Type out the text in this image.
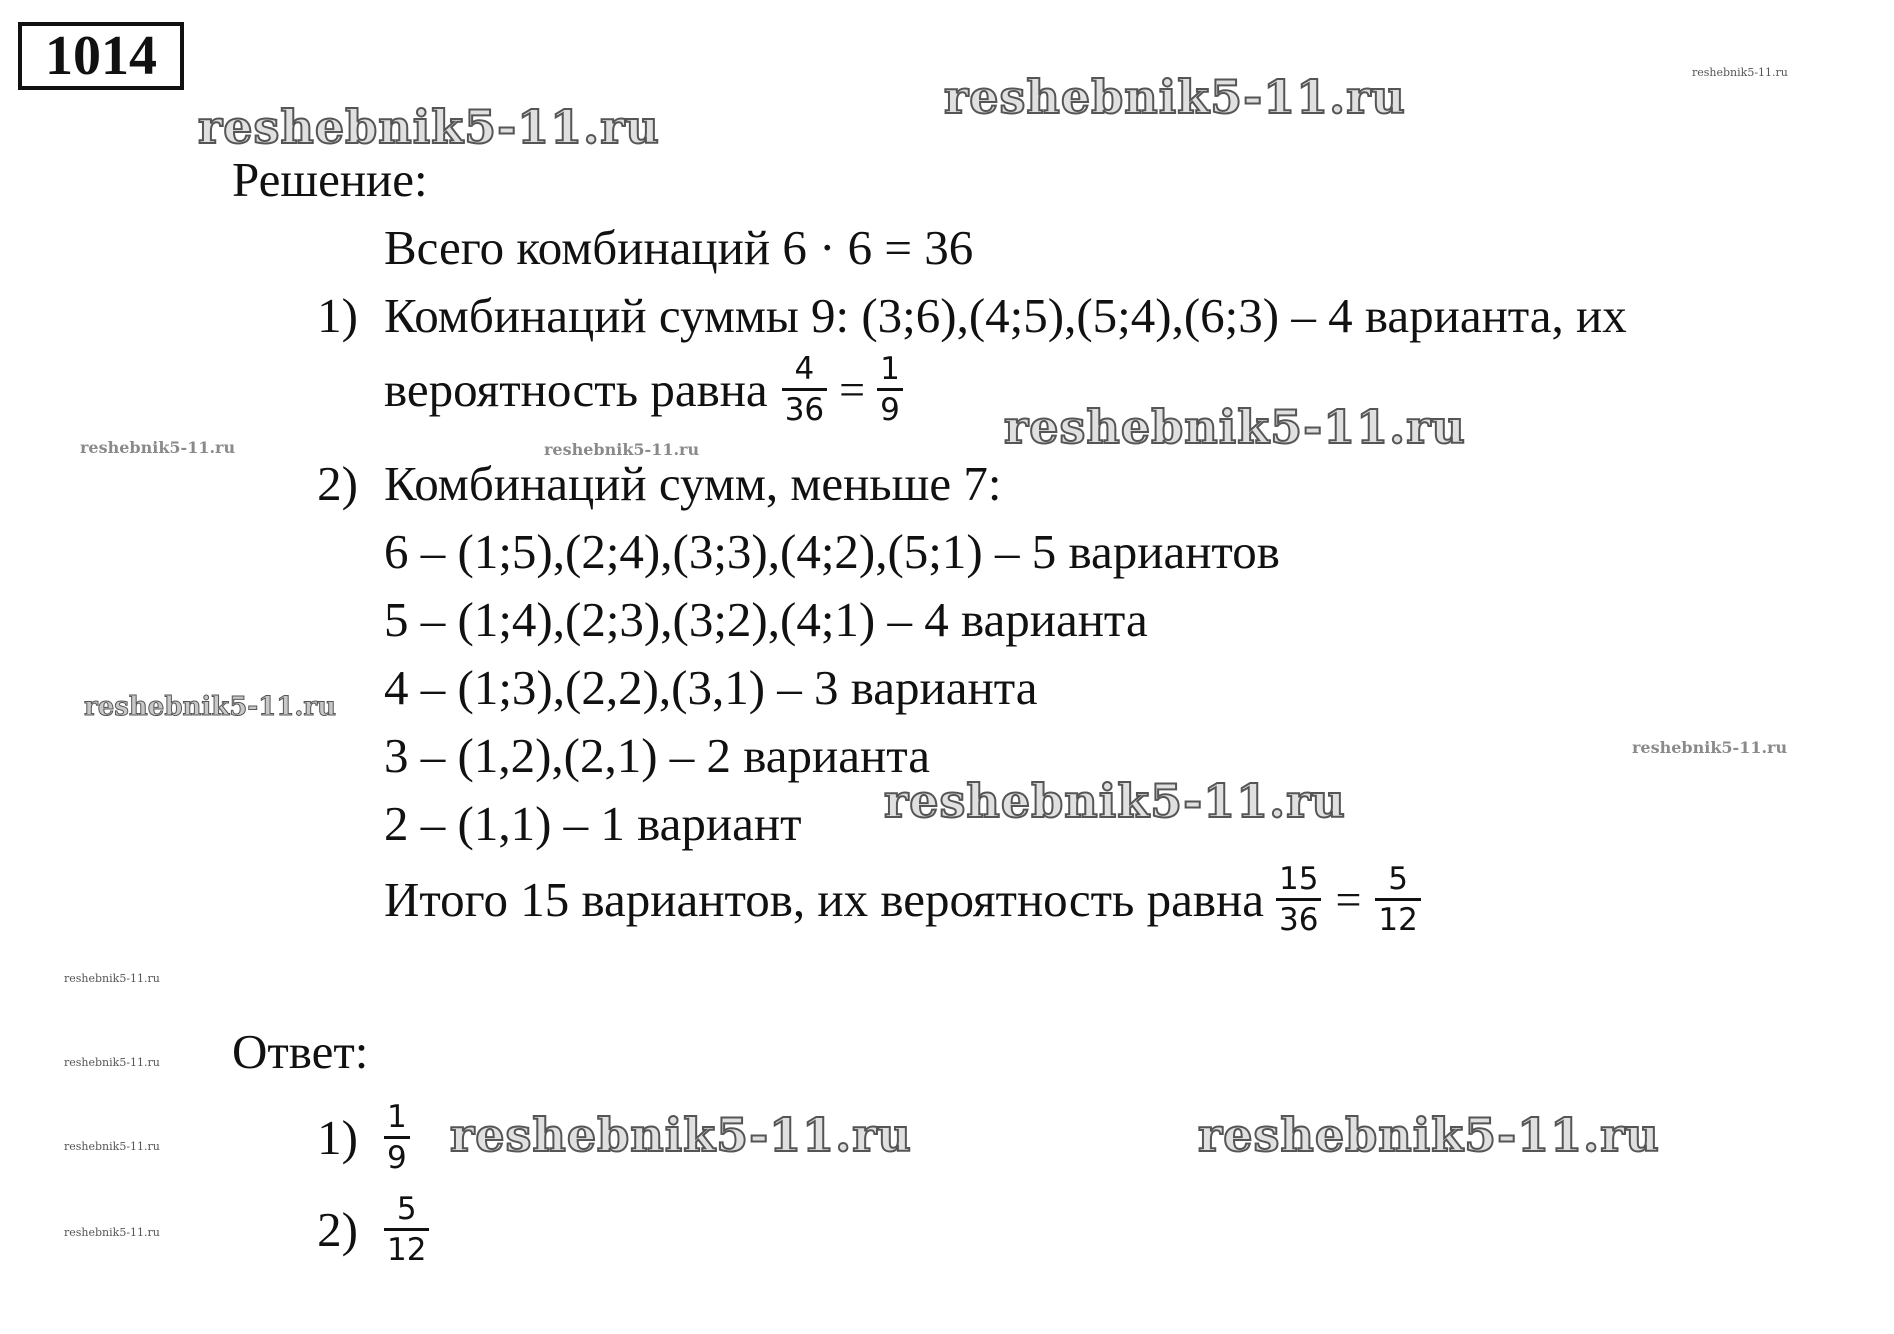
1014
reshebnik5-11.ru
reshebnik5-11.ru	reshebnik5-11.ru
reshebnik5-11.ru
reshebnik5-11.ru	reshebnik5-11.ru
reshebnik5-11.ru
reshebnik5-11.ru
reshebnik5-11.ru
reshebnik5-11.ru
reshebnik5-11.ru
reshebnik5-11.ru
reshebnik5-11.ru
reshebnik5-11.ru	reshebnik5-11.ru
Решение:
Всего комбинаций 6 · 6 = 36
1) Комбинаций суммы 9: (3;6),(4;5),(5;4),(6;3) – 4 варианта, их
вероятность равна $\frac{4}{36} = \frac{1}{9}$
2) Комбинаций сумм, меньше 7:
6 – (1;5),(2;4),(3;3),(4;2),(5;1) – 5 вариантов
5 – (1;4),(2;3),(3;2),(4;1) – 4 варианта
4 – (1;3),(2,2),(3,1) – 3 варианта
3 – (1,2),(2,1) – 2 варианта
2 – (1,1) – 1 вариант
Итого 15 вариантов, их вероятность равна $\frac{15}{36} = \frac{5}{12}$
Ответ:
$1) \frac{1}{9}$
$2) \frac{5}{12}$
